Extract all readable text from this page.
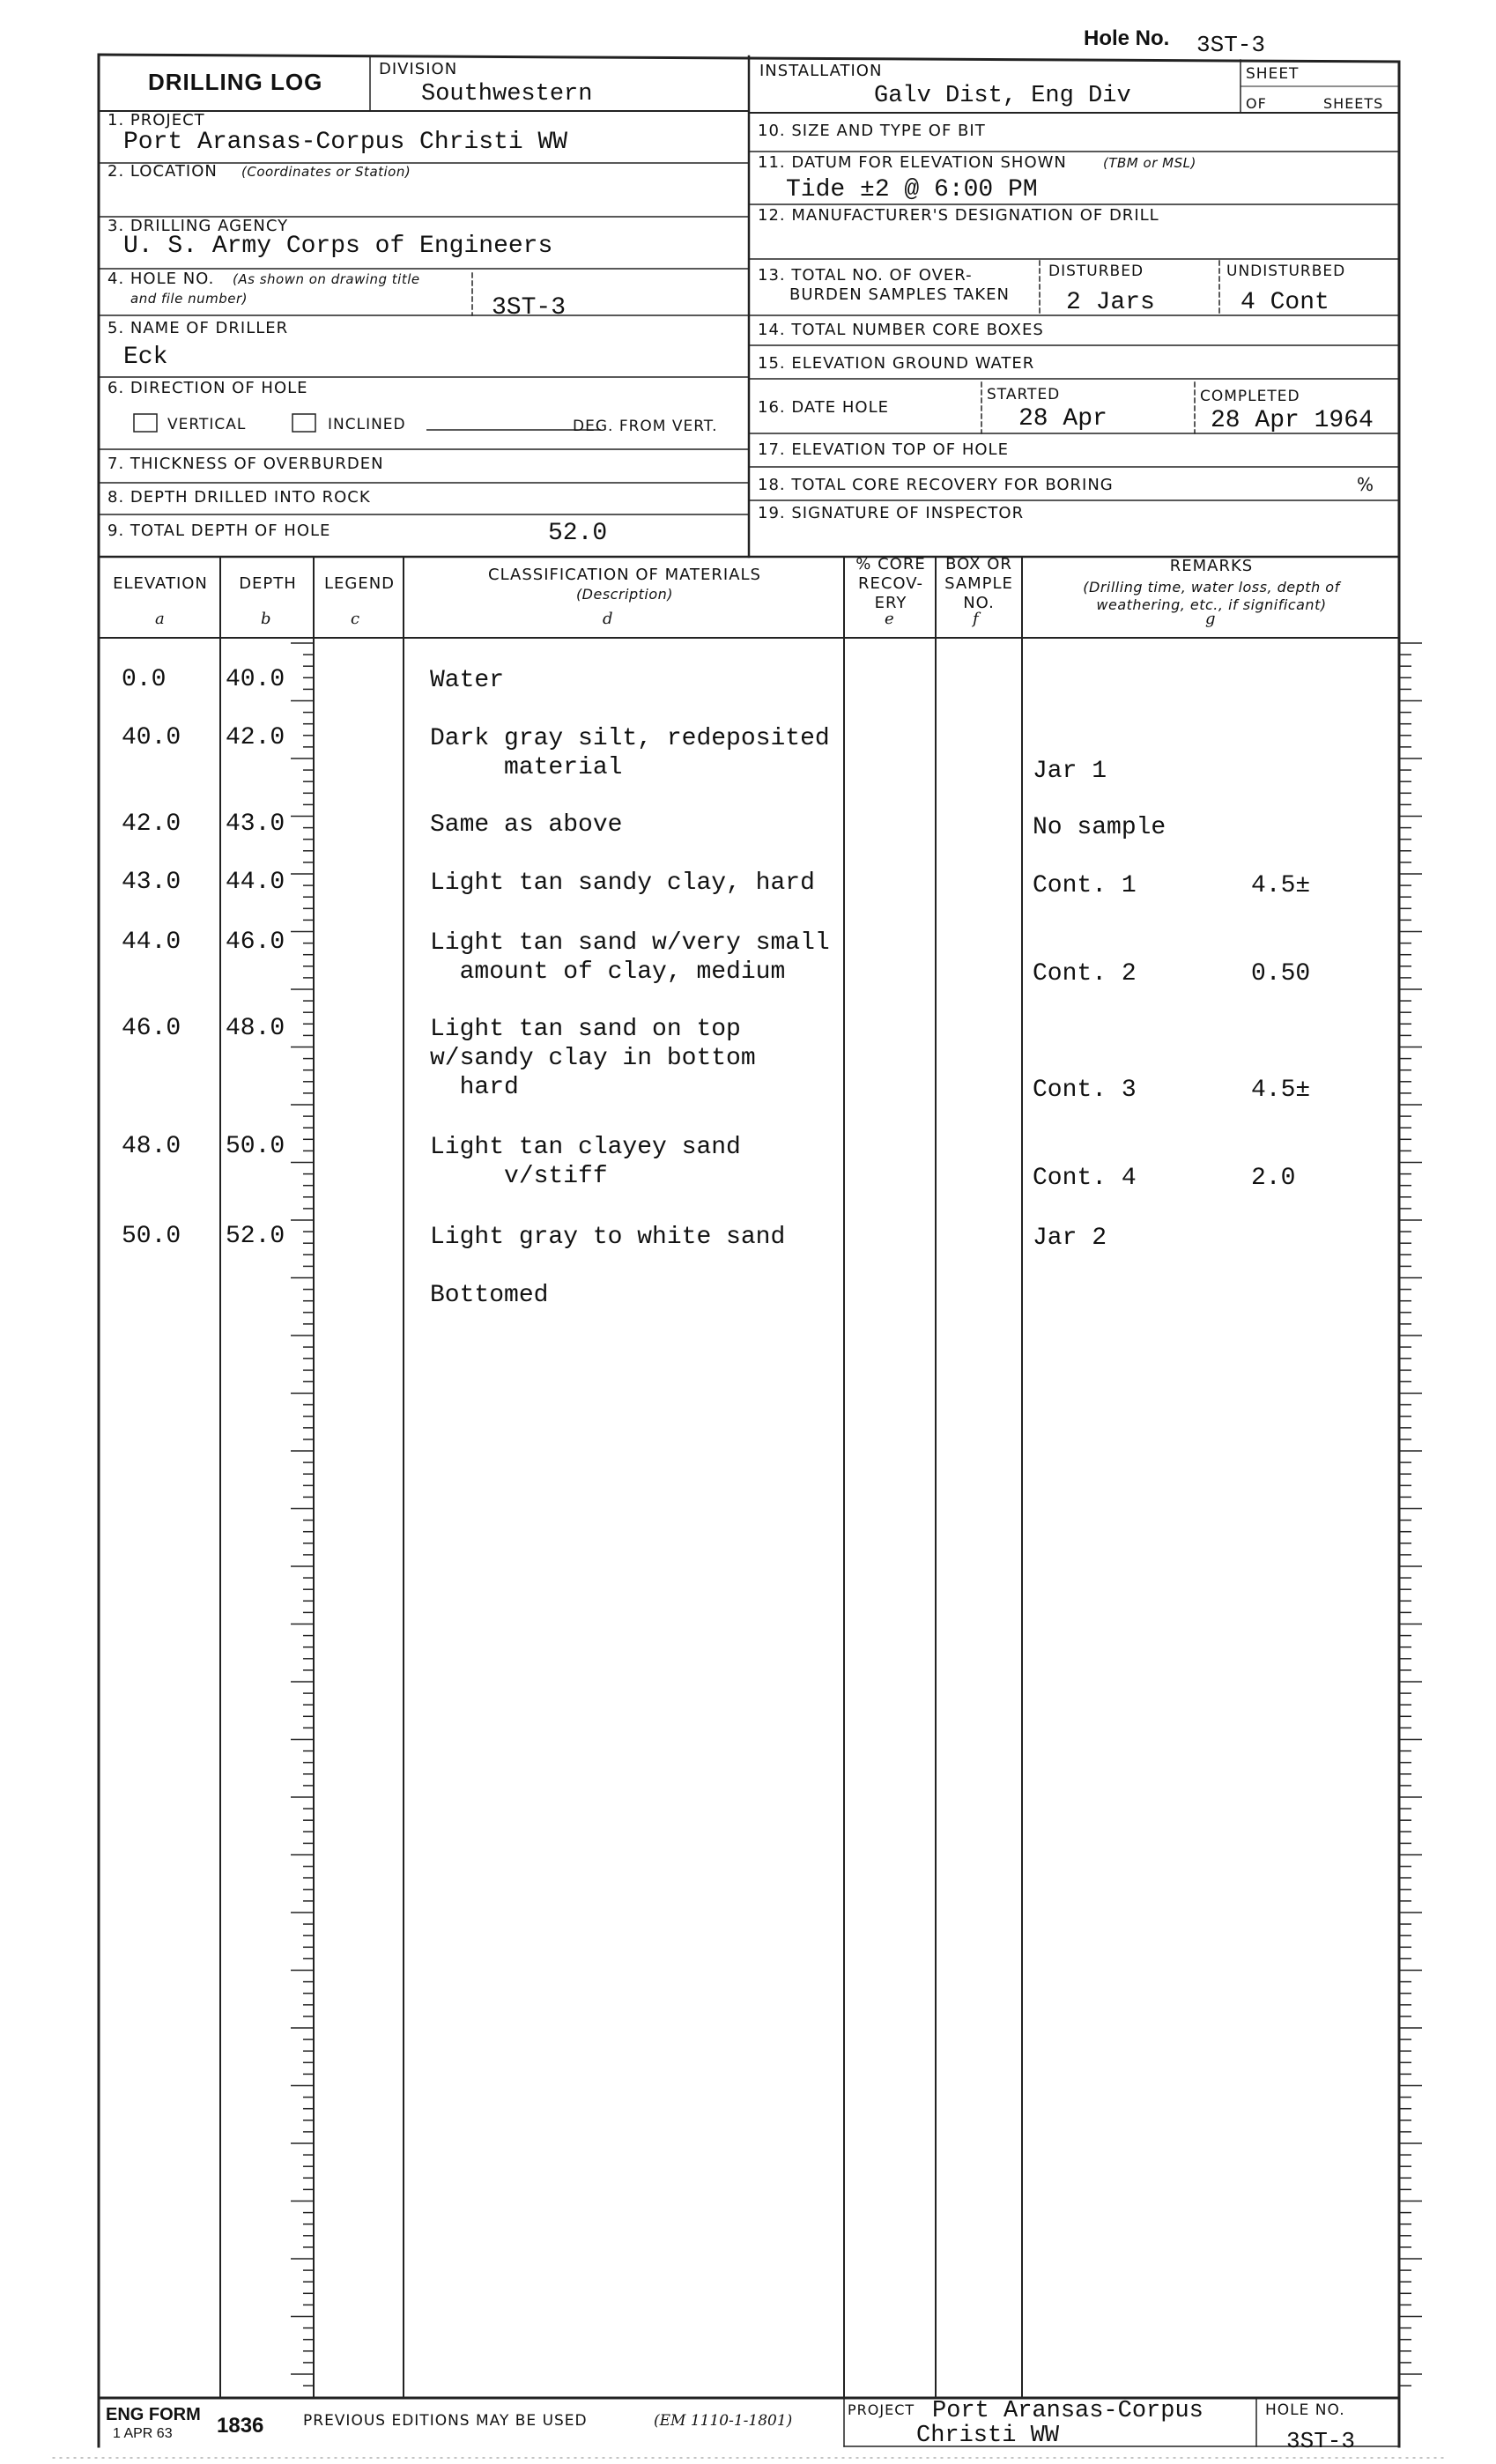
Hole No. 3ST-3
DRILLING LOG	DIVISION
Southwestern
INSTALLATION
Galv Dist, Eng Div
SHEET
OF	SHEETS
1. PROJECT
Port Aransas-Corpus Christi WW
2. LOCATION (Coordinates or Station)
3. DRILLING AGENCY
U. S. Army Corps of Engineers
4. HOLE NO. (As shown on drawing title
and file number)	3ST-3
5. NAME OF DRILLER
Eck
6. DIRECTION OF HOLE
VERTICAL	INCLINED	DEG. FROM VERT.
7. THICKNESS OF OVERBURDEN
8. DEPTH DRILLED INTO ROCK
9. TOTAL DEPTH OF HOLE	52.0
10. SIZE AND TYPE OF BIT
11. DATUM FOR ELEVATION SHOWN	(TBM or MSL)
Tide ±2 @ 6:00 PM
12. MANUFACTURER'S DESIGNATION OF DRILL
13. TOTAL NO. OF OVER-
BURDEN SAMPLES TAKEN
DISTURBED
2 Jars
UNDISTURBED
4 Cont
14. TOTAL NUMBER CORE BOXES
15. ELEVATION GROUND WATER
16. DATE HOLE
STARTED
28 Apr
COMPLETED
28 Apr 1964
17. ELEVATION TOP OF HOLE
18. TOTAL CORE RECOVERY FOR BORING	%
19. SIGNATURE OF INSPECTOR
ELEVATION	DEPTH	LEGEND	CLASSIFICATION OF MATERIALS
(Description)
% CORE
RECOV-
ERY
BOX OR
SAMPLE
NO.
REMARKS
(Drilling time, water loss, depth of
weathering, etc., if significant)
a	b	c	d	e	f	g
0.0 40.0	Water
40.0 42.0	Dark gray silt, redeposited
material	Jar 1
42.0 43.0	Same as above	No sample
43.0 44.0	Light tan sandy clay, hard	Cont. 1	4.5±
44.0 46.0	Light tan sand w/very small
amount of clay, medium	Cont. 2	0.50
46.0 48.0	Light tan sand on top
w/sandy clay in bottom
hard	Cont. 3	4.5±
48.0 50.0	Light tan clayey sand
v/stiff	Cont. 4	2.0
50.0 52.0	Light gray to white sand	Jar 2
Bottomed
ENG FORM 1836
1 APR 63
PREVIOUS EDITIONS MAY BE USED	(EM 1110-1-1801)
PROJECT Port Aransas-Corpus
Christi WW
HOLE NO.
3ST-3
